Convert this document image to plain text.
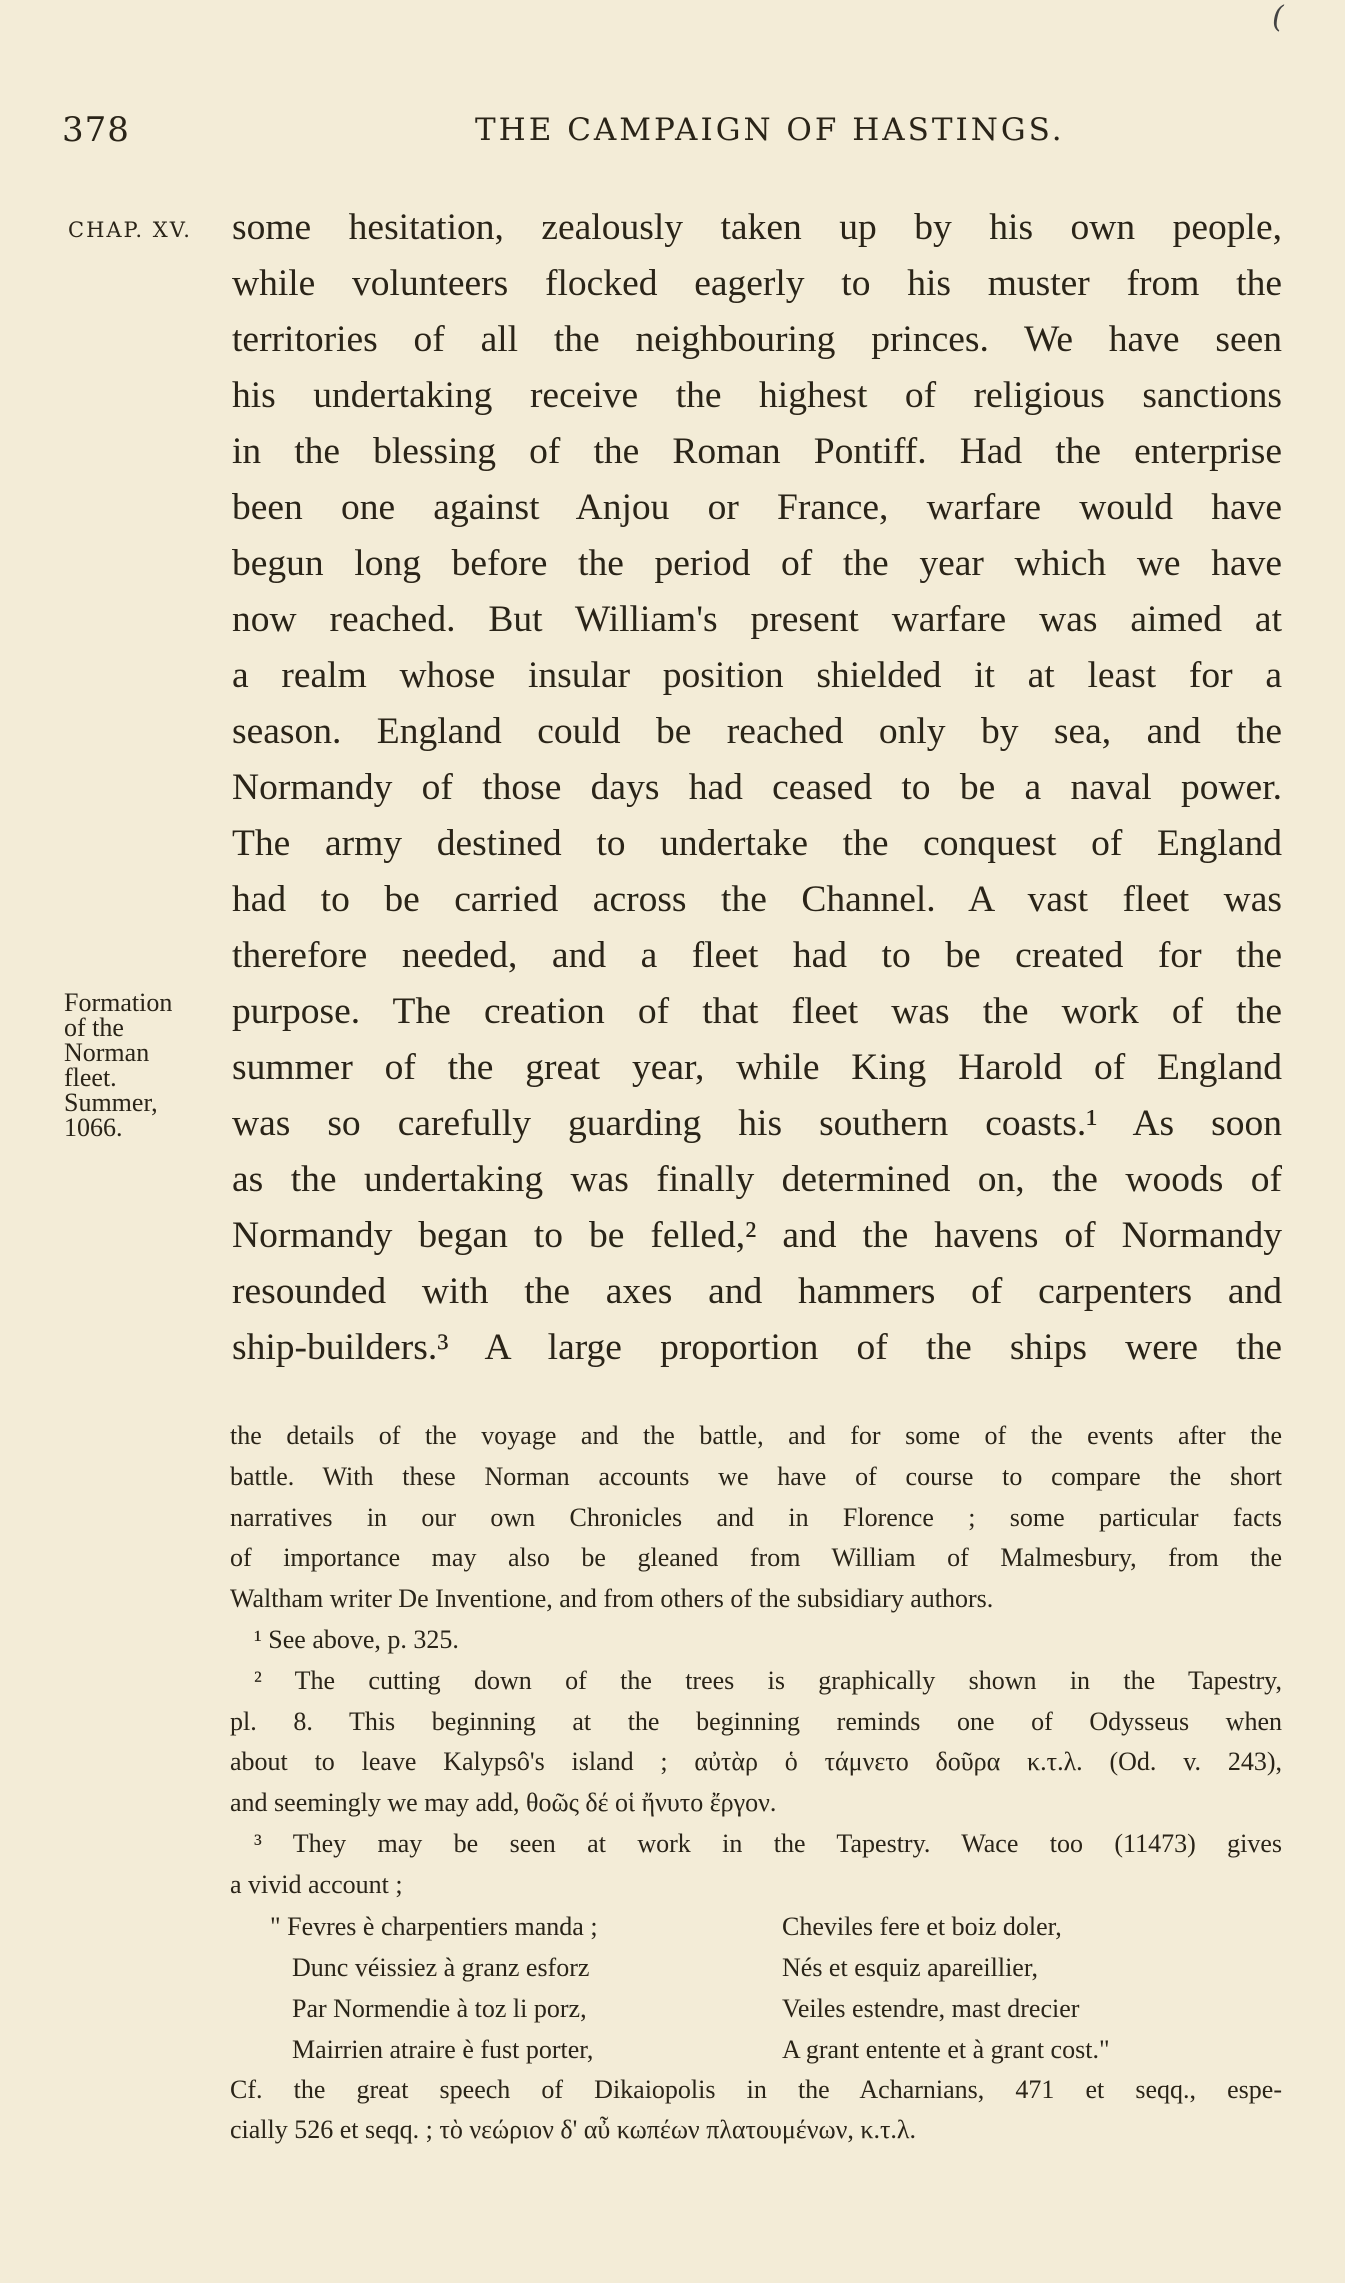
(
378	THE CAMPAIGN OF HASTINGS.
CHAP. XV. some hesitation, zealously taken up by his own people,
while volunteers flocked eagerly to his muster from the
territories of all the neighbouring princes. We have seen
his undertaking receive the highest of religious sanctions
in the blessing of the Roman Pontiff. Had the enterprise
been one against Anjou or France, warfare would have
begun long before the period of the year which we have
now reached. But William's present warfare was aimed at
a realm whose insular position shielded it at least for a
season. England could be reached only by sea, and the
Normandy of those days had ceased to be a naval power.
The army destined to undertake the conquest of England
had to be carried across the Channel. A vast fleet was
therefore needed, and a fleet had to be created for the
purpose. The creation of that fleet was the work of the
summer of the great year, while King Harold of England
was so carefully guarding his southern coasts.¹ As soon
as the undertaking was finally determined on, the woods of
Normandy began to be felled,² and the havens of Normandy
resounded with the axes and hammers of carpenters and
ship-builders.³ A large proportion of the ships were the
Formation
of the
Norman
fleet.
Summer,
1066.
the details of the voyage and the battle, and for some of the events after the
battle. With these Norman accounts we have of course to compare the short
narratives in our own Chronicles and in Florence ; some particular facts
of importance may also be gleaned from William of Malmesbury, from the
Waltham writer De Inventione, and from others of the subsidiary authors.
¹ See above, p. 325.
² The cutting down of the trees is graphically shown in the Tapestry,
pl. 8. This beginning at the beginning reminds one of Odysseus when
about to leave Kalypsô's island ; αὐτὰρ ὁ τάμνετο δοῦρα κ.τ.λ. (Od. v. 243),
and seemingly we may add, θοῶς δέ οἱ ἤνυτο ἔργον.
³ They may be seen at work in the Tapestry. Wace too (11473) gives
a vivid account ;
" Fevres è charpentiers manda ;	Cheviles fere et boiz doler,
Dunc véissiez à granz esforz	Nés et esquiz apareillier,
Par Normendie à toz li porz,	Veiles estendre, mast drecier
Mairrien atraire è fust porter,	A grant entente et à grant cost."
Cf. the great speech of Dikaiopolis in the Acharnians, 471 et seqq., espe-
cially 526 et seqq. ; τὸ νεώριον δ' αὖ κωπέων πλατουμένων, κ.τ.λ.
